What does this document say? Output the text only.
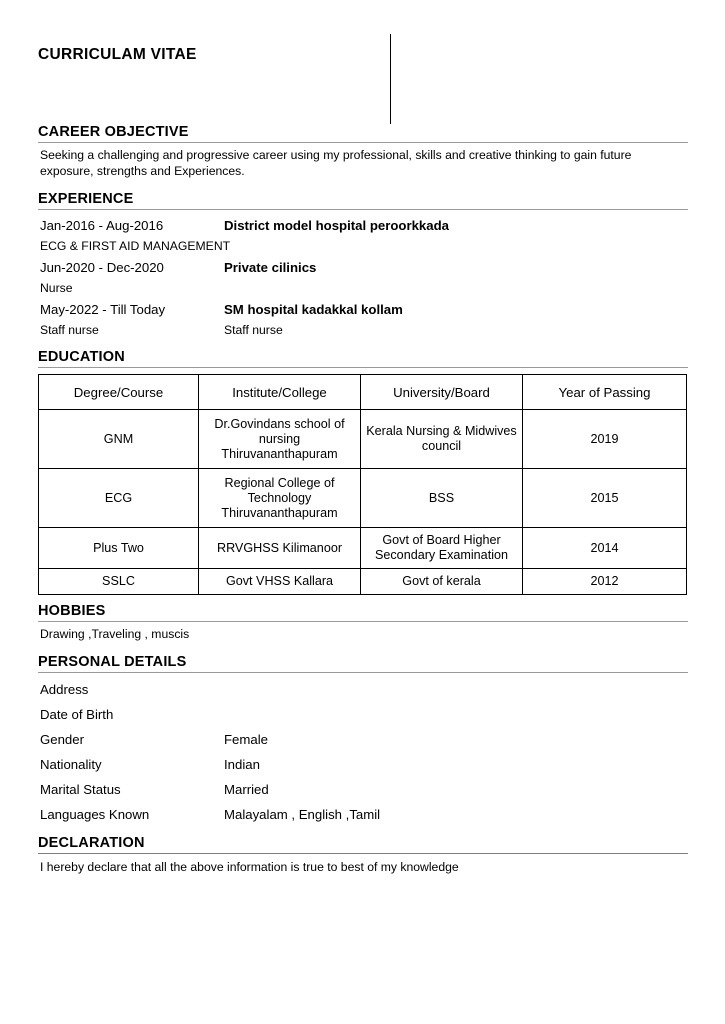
CURRICULAM VITAE
CAREER OBJECTIVE
Seeking a challenging and progressive career using my professional, skills and creative thinking to gain future exposure, strengths and Experiences.
EXPERIENCE
Jan-2016 - Aug-2016	District model hospital peroorkkada
ECG & FIRST AID MANAGEMENT
Jun-2020 - Dec-2020	Private cilinics
Nurse
May-2022 - Till Today	SM hospital kadakkal kollam
Staff nurse	Staff nurse
EDUCATION
Degree/Course	Institute/College	University/Board	Year of Passing
GNM	Dr.Govindans school of nursing Thiruvananthapuram	Kerala Nursing & Midwives council	2019
ECG	Regional College of Technology Thiruvananthapuram	BSS	2015
Plus Two	RRVGHSS Kilimanoor	Govt of Board Higher Secondary Examination	2014
SSLC	Govt VHSS Kallara	Govt of kerala	2012
HOBBIES
Drawing ,Traveling , muscis
PERSONAL DETAILS
Address
Date of Birth
Gender	Female
Nationality	Indian
Marital Status	Married
Languages Known	Malayalam , English ,Tamil
DECLARATION
I hereby declare that all the above information is true to best of my knowledge
